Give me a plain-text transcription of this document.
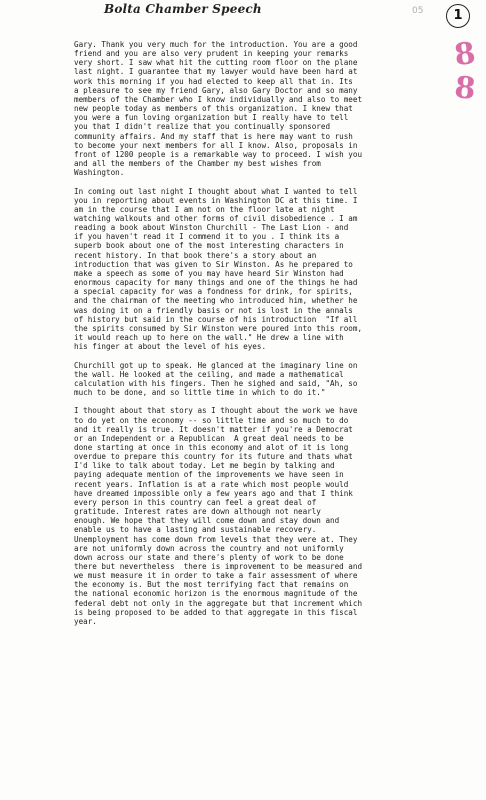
Bolta Chamber Speech	05	1
8
8
Gary. Thank you very much for the introduction. You are a good
friend and you are also very prudent in keeping your remarks
very short. I saw what hit the cutting room floor on the plane
last night. I guarantee that my lawyer would have been hard at
work this morning if you had elected to keep all that in. Its
a pleasure to see my friend Gary, also Gary Doctor and so many
members of the Chamber who I know individually and also to meet
new people today as members of this organization. I knew that
you were a fun loving organization but I really have to tell
you that I didn't realize that you continually sponsored
community affairs. And my staff that is here may want to rush
to become your next members for all I know. Also, proposals in
front of 1200 people is a remarkable way to proceed. I wish you
and all the members of the Chamber my best wishes from
Washington.
In coming out last night I thought about what I wanted to tell
you in reporting about events in Washington DC at this time. I
am in the course that I am not on the floor late at night
watching walkouts and other forms of civil disobedience . I am
reading a book about Winston Churchill - The Last Lion - and
if you haven't read it I commend it to you . I think its a
superb book about one of the most interesting characters in
recent history. In that book there's a story about an
introduction that was given to Sir Winston. As he prepared to
make a speech as some of you may have heard Sir Winston had
enormous capacity for many things and one of the things he had
a special capacity for was a fondness for drink, for spirits,
and the chairman of the meeting who introduced him, whether he
was doing it on a friendly basis or not is lost in the annals
of history but said in the course of his introduction  "If all
the spirits consumed by Sir Winston were poured into this room,
it would reach up to here on the wall." He drew a line with
his finger at about the level of his eyes.
Churchill got up to speak. He glanced at the imaginary line on
the wall. He looked at the ceiling, and made a mathematical
calculation with his fingers. Then he sighed and said, "Ah, so
much to be done, and so little time in which to do it."
I thought about that story as I thought about the work we have
to do yet on the economy -- so little time and so much to do
and it really is true. It doesn't matter if you're a Democrat
or an Independent or a Republican  A great deal needs to be
done starting at once in this economy and alot of it is long
overdue to prepare this country for its future and thats what
I'd like to talk about today. Let me begin by talking and
paying adequate mention of the improvements we have seen in
recent years. Inflation is at a rate which most people would
have dreamed impossible only a few years ago and that I think
every person in this country can feel a great deal of
gratitude. Interest rates are down although not nearly
enough. We hope that they will come down and stay down and
enable us to have a lasting and sustainable recovery.
Unemployment has come down from levels that they were at. They
are not uniformly down across the country and not uniformly
down across our state and there's plenty of work to be done
there but nevertheless  there is improvement to be measured and
we must measure it in order to take a fair assessment of where
the economy is. But the most terrifying fact that remains on
the national economic horizon is the enormous magnitude of the
federal debt not only in the aggregate but that increment which
is being proposed to be added to that aggregate in this fiscal
year.
